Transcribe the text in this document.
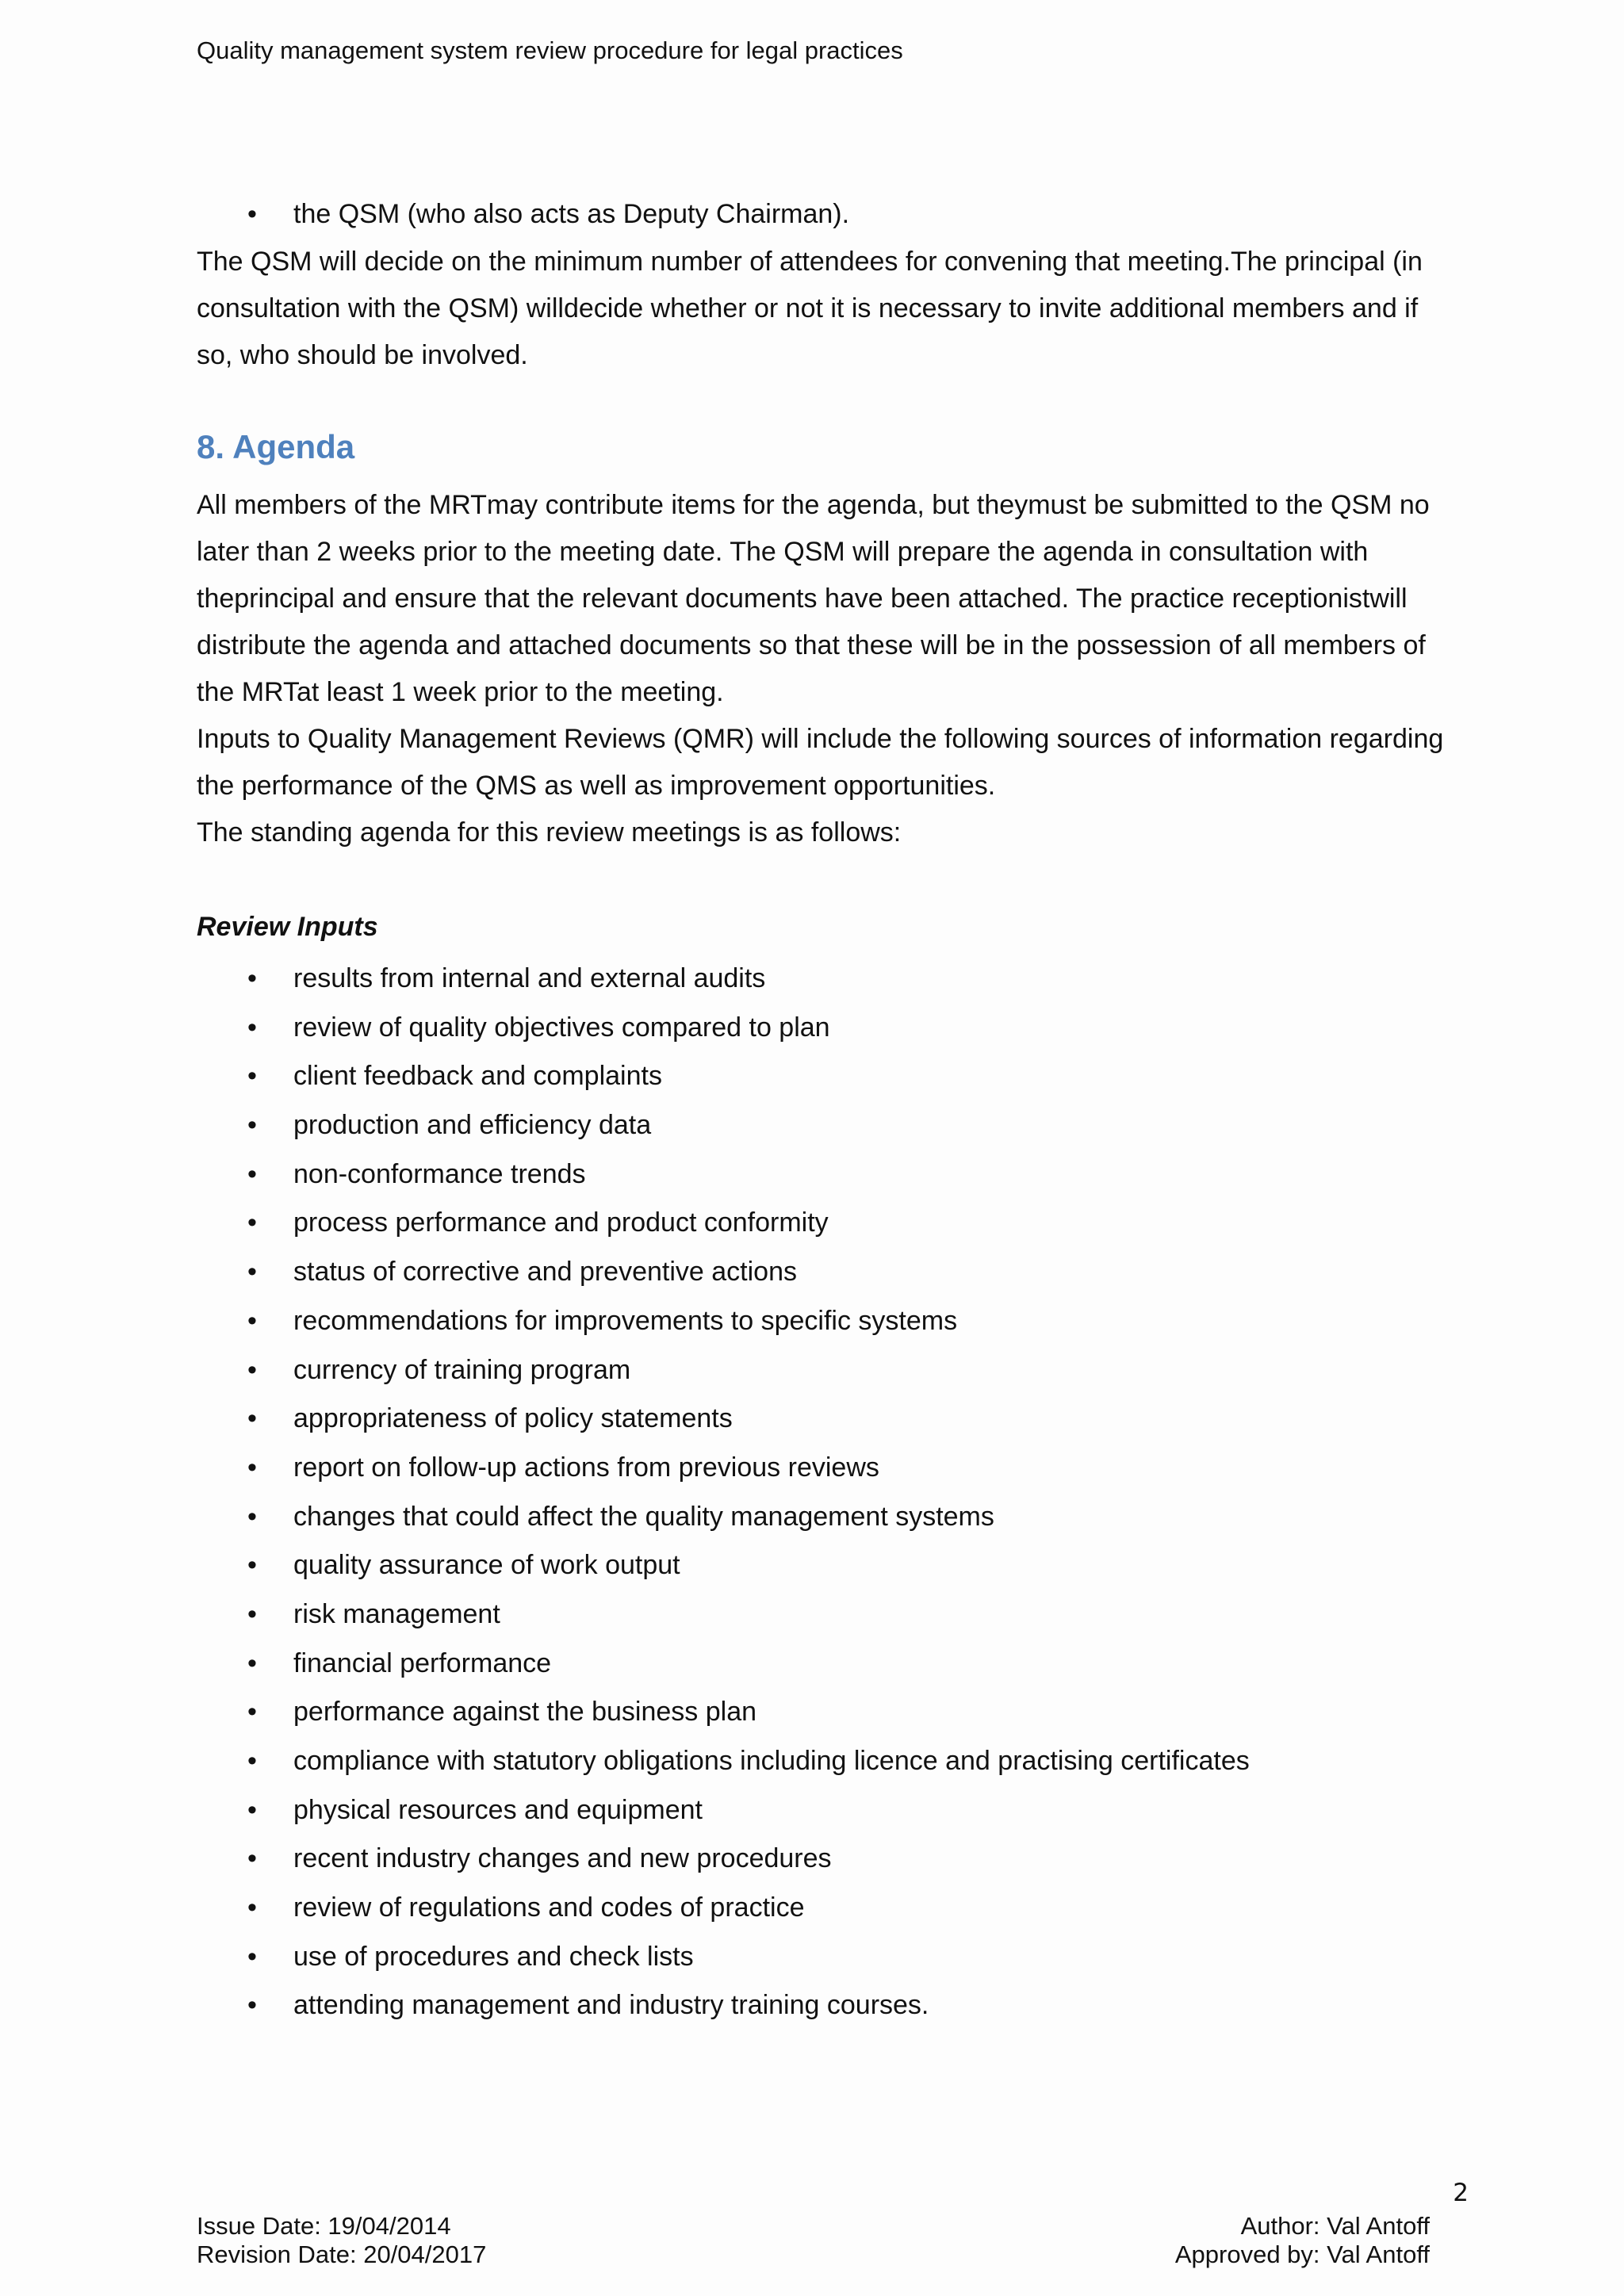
Quality management system review procedure for legal practices
•	the QSM (who also acts as Deputy Chairman).

The QSM will decide on the minimum number of attendees for convening that meeting.The principal (in

consultation with the QSM) willdecide whether or not it is necessary to invite additional members and if

so, who should be involved.

8. Agenda

All members of the MRTmay contribute items for the agenda, but theymust be submitted to the QSM no

later than 2 weeks prior to the meeting date. The QSM will prepare the agenda in consultation with

theprincipal and ensure that the relevant documents have been attached. The practice receptionistwill

distribute the agenda and attached documents so that these will be in the possession of all members of

the MRTat least 1 week prior to the meeting.

Inputs to Quality Management Reviews (QMR) will include the following sources of information regarding

the performance of the QMS as well as improvement opportunities.

The standing agenda for this review meetings is as follows:

Review Inputs
•	results from internal and external audits
•	review of quality objectives compared to plan
•	client feedback and complaints
•	production and efficiency data
•	non-conformance trends
•	process performance and product conformity
•	status of corrective and preventive actions
•	recommendations for improvements to specific systems
•	currency of training program
•	appropriateness of policy statements
•	report on follow-up actions from previous reviews
•	changes that could affect the quality management systems
•	quality assurance of work output
•	risk management
•	financial performance
•	performance against the business plan
•	compliance with statutory obligations including licence and practising certificates
•	physical resources and equipment
•	recent industry changes and new procedures
•	review of regulations and codes of practice
•	use of procedures and check lists
•	attending management and industry training courses.
2
Issue Date: 19/04/2014
Revision Date: 20/04/2017
Author: Val Antoff
Approved by: Val Antoff
